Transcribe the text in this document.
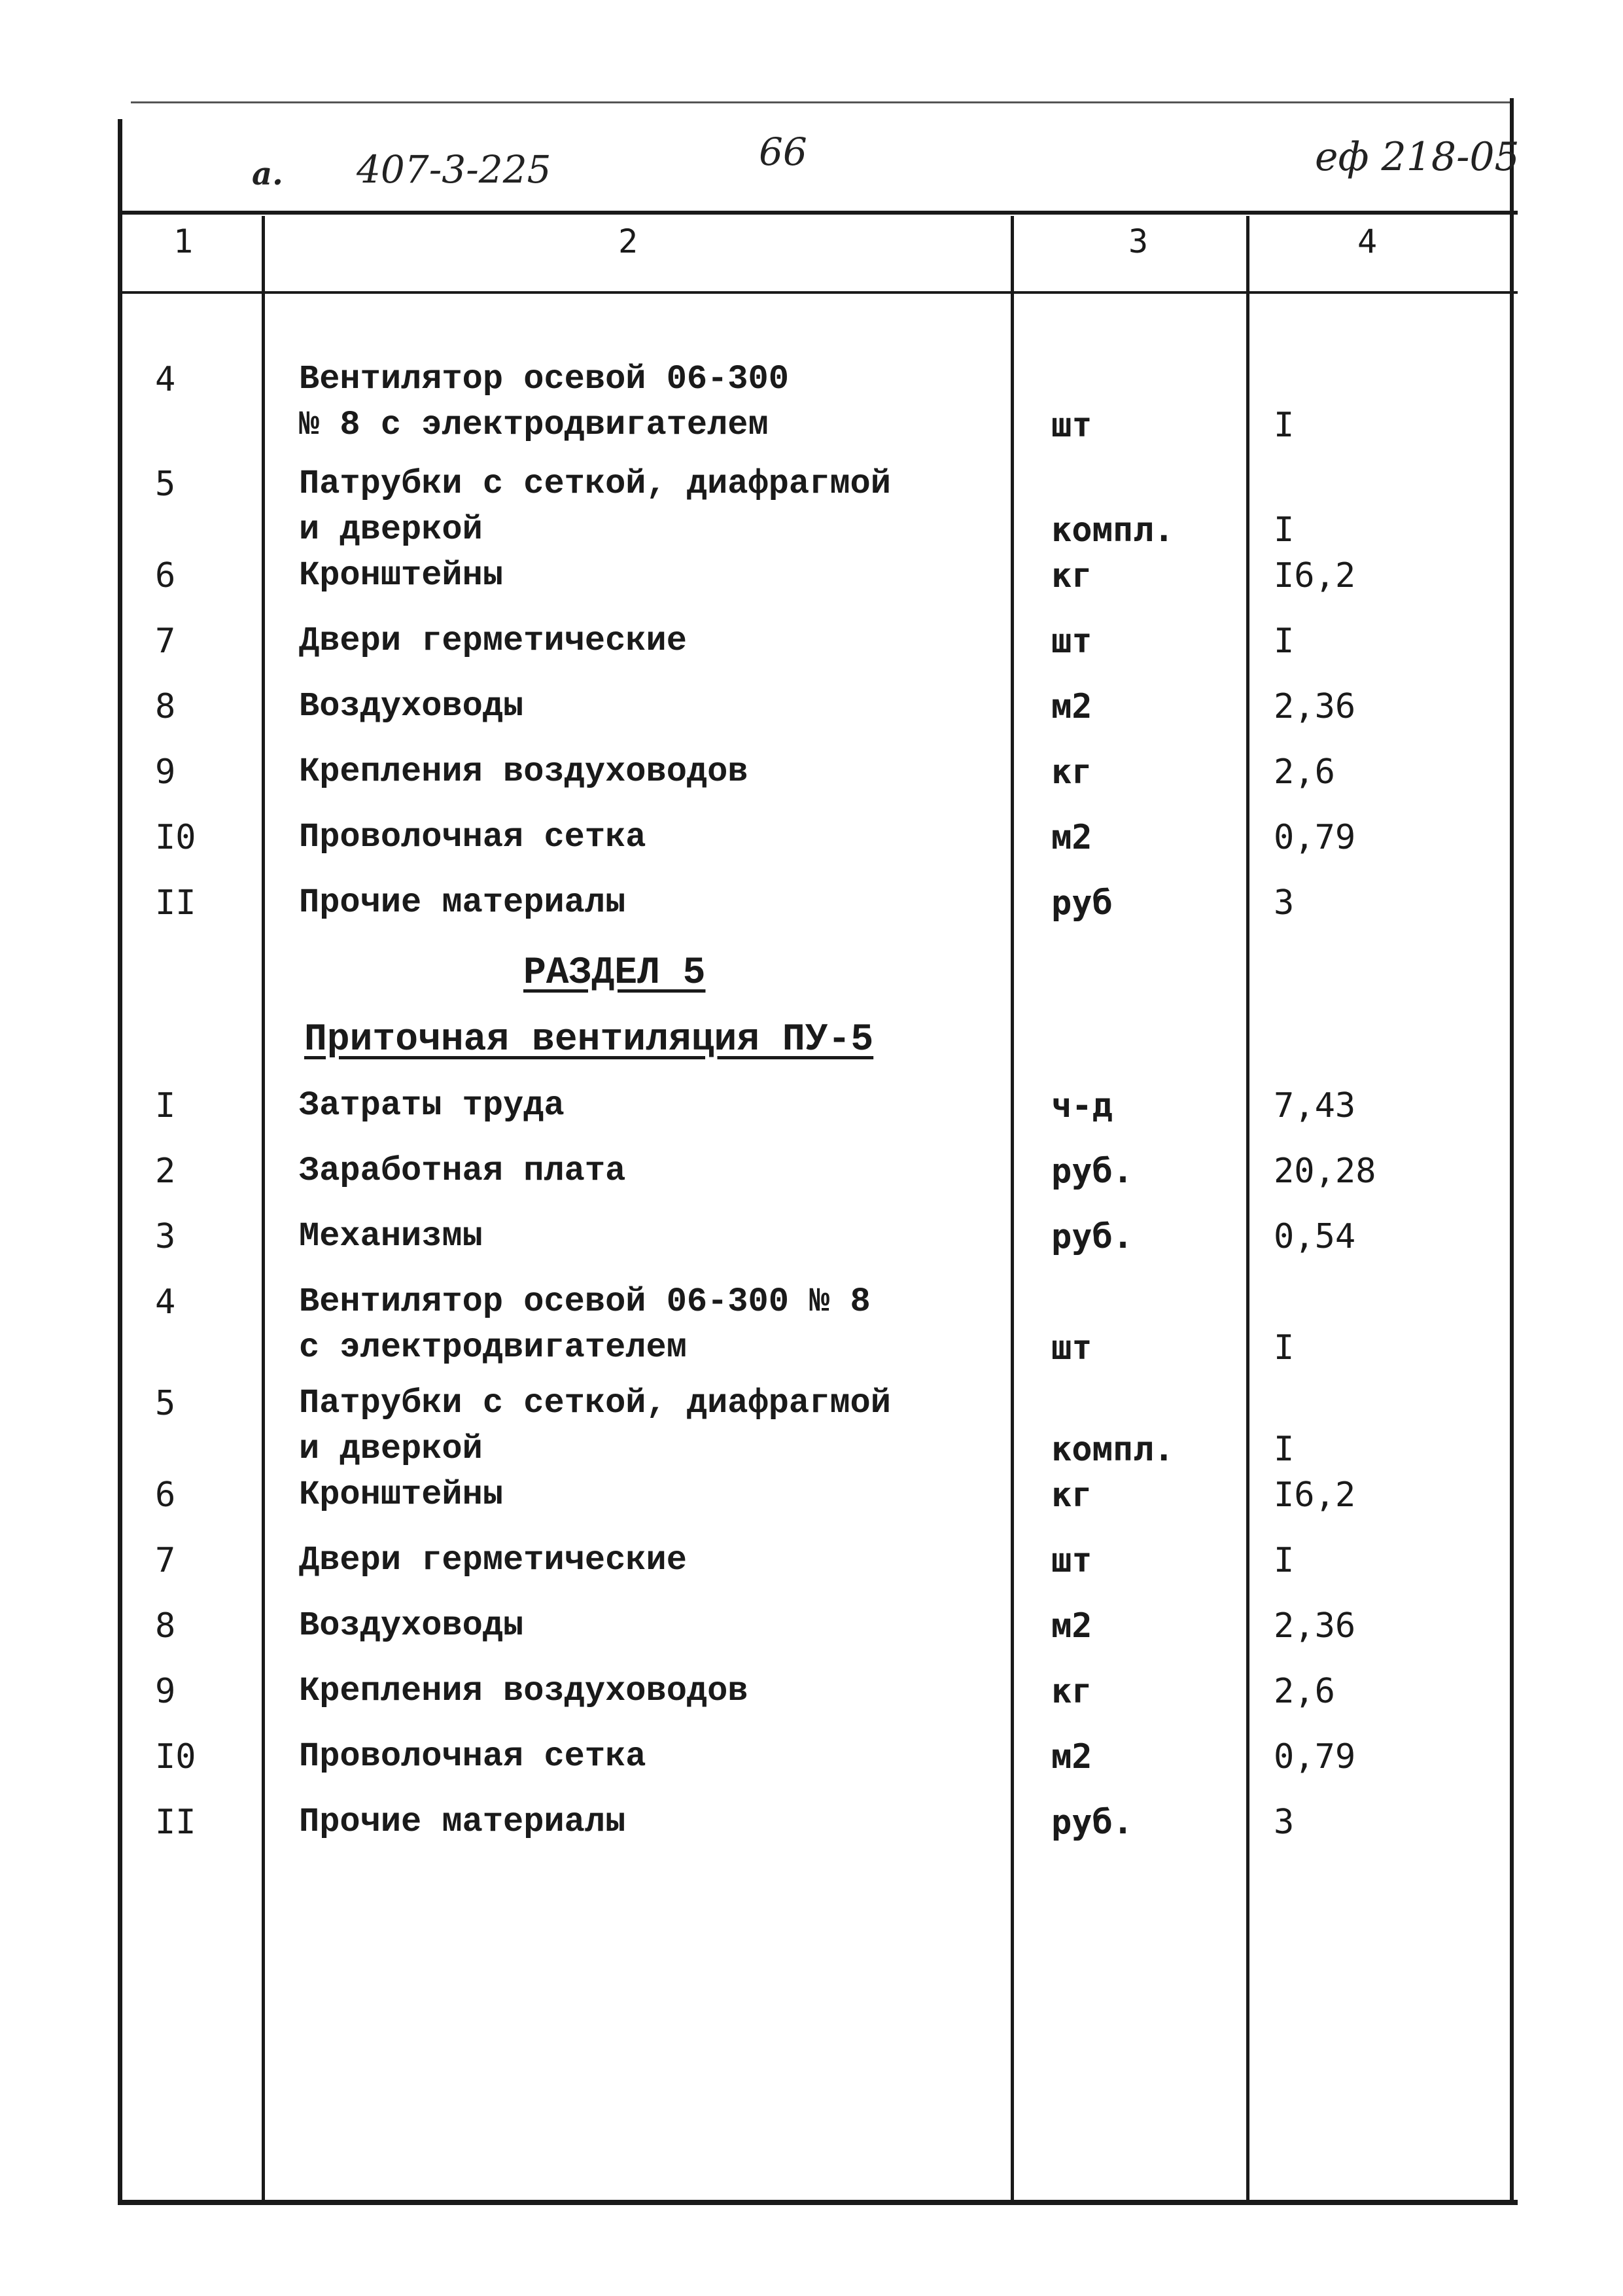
а. 407-3-225	66	еф 218-05
1	2	3	4
4	Вентилятор осевой 06-300
№ 8 с электродвигателем	шт	I
5	Патрубки с сеткой, диафрагмой
и дверкой	компл.	I
6	Кронштейны	кг	I6,2
7	Двери герметические	шт	I
8	Воздуховоды	м2	2,36
9	Крепления воздуховодов	кг	2,6
I0	Проволочная сетка	м2	0,79
II	Прочие материалы	руб	3
РАЗДЕЛ 5
Приточная вентиляция ПУ-5
I	Затраты труда	ч-д	7,43
2	Заработная плата	руб.	20,28
3	Механизмы	руб.	0,54
4	Вентилятор осевой 06-300 № 8
с электродвигателем	шт	I
5	Патрубки с сеткой, диафрагмой
и дверкой	компл.	I
6	Кронштейны	кг	I6,2
7	Двери герметические	шт	I
8	Воздуховоды	м2	2,36
9	Крепления воздуховодов	кг	2,6
I0	Проволочная сетка	м2	0,79
II	Прочие материалы	руб.	3
